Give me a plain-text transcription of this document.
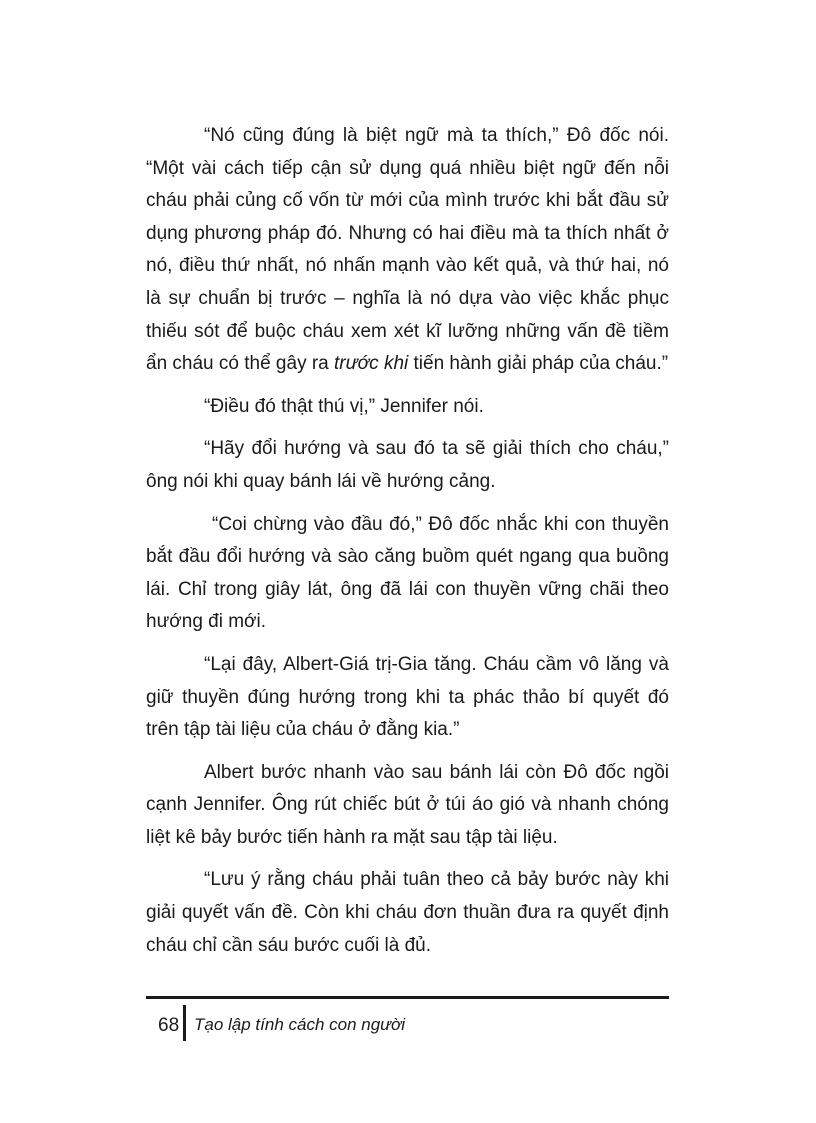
“Nó cũng đúng là biệt ngữ mà ta thích,” Đô đốc nói. “Một vài cách tiếp cận sử dụng quá nhiều biệt ngữ đến nỗi cháu phải củng cố vốn từ mới của mình trước khi bắt đầu sử dụng phương pháp đó. Nhưng có hai điều mà ta thích nhất ở nó, điều thứ nhất, nó nhấn mạnh vào kết quả, và thứ hai, nó là sự chuẩn bị trước – nghĩa là nó dựa vào việc khắc phục thiếu sót để buộc cháu xem xét kĩ lưỡng những vấn đề tiềm ẩn cháu có thể gây ra trước khi tiến hành giải pháp của cháu.”

“Điều đó thật thú vị,” Jennifer nói.

“Hãy đổi hướng và sau đó ta sẽ giải thích cho cháu,” ông nói khi quay bánh lái về hướng cảng.

“Coi chừng vào đầu đó,” Đô đốc nhắc khi con thuyền bắt đầu đổi hướng và sào căng buồm quét ngang qua buồng lái. Chỉ trong giây lát, ông đã lái con thuyền vững chãi theo hướng đi mới.

“Lại đây, Albert-Giá trị-Gia tăng. Cháu cầm vô lăng và giữ thuyền đúng hướng trong khi ta phác thảo bí quyết đó trên tập tài liệu của cháu ở đằng kia.”

Albert bước nhanh vào sau bánh lái còn Đô đốc ngồi cạnh Jennifer. Ông rút chiếc bút ở túi áo gió và nhanh chóng liệt kê bảy bước tiến hành ra mặt sau tập tài liệu.

“Lưu ý rằng cháu phải tuân theo cả bảy bước này khi giải quyết vấn đề. Còn khi cháu đơn thuần đưa ra quyết định cháu chỉ cần sáu bước cuối là đủ.

68 Tạo lập tính cách con người
